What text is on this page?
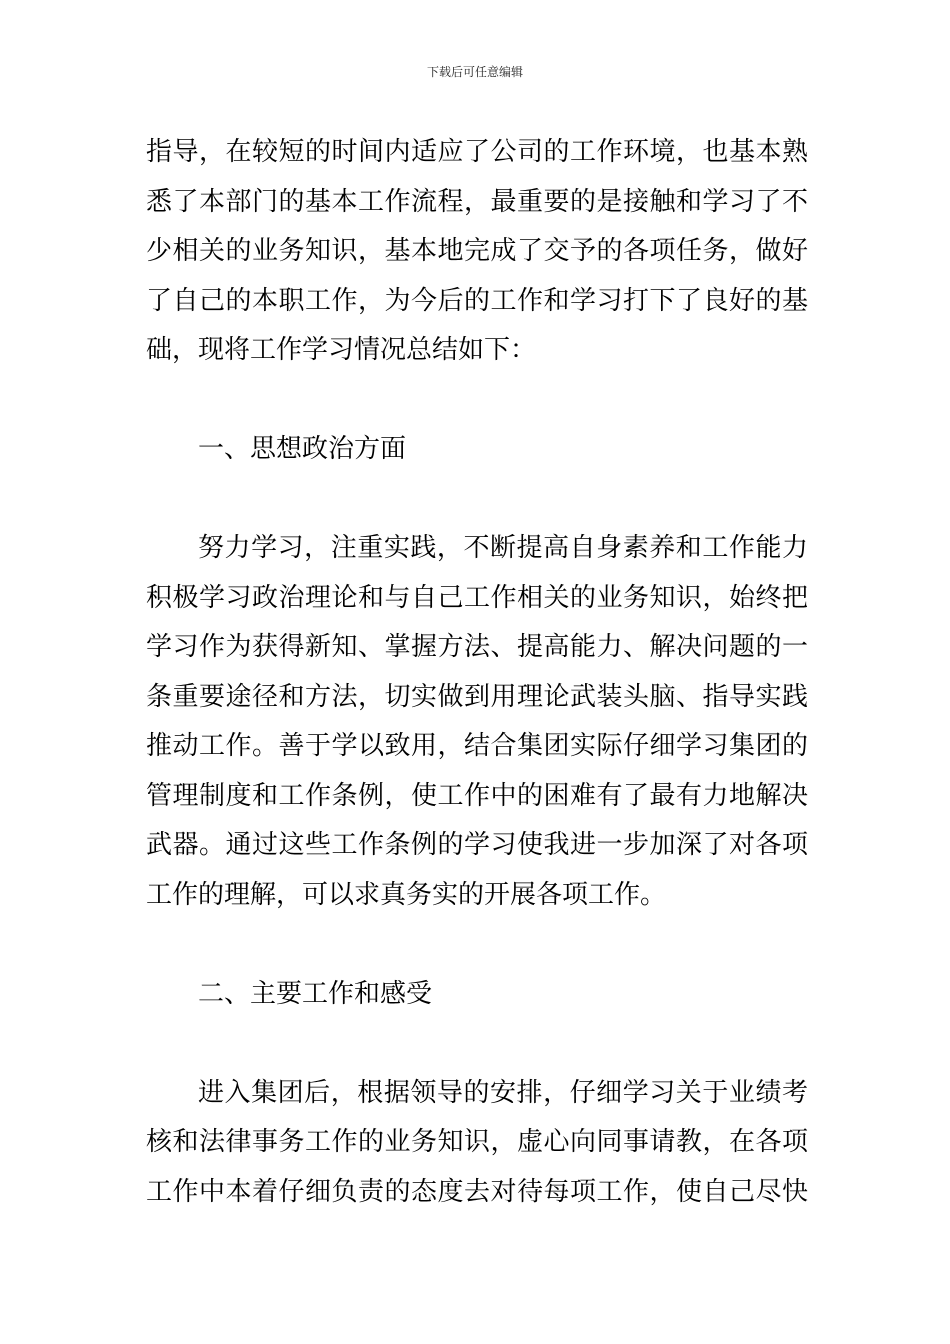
下载后可任意编辑
指导，在较短的时间内适应了公司的工作环境，也基本熟
悉了本部门的基本工作流程，最重要的是接触和学习了不
少相关的业务知识，基本地完成了交予的各项任务，做好
了自己的本职工作，为今后的工作和学习打下了良好的基
础，现将工作学习情况总结如下：
一、思想政治方面
努力学习，注重实践，不断提高自身素养和工作能力
积极学习政治理论和与自己工作相关的业务知识，始终把
学习作为获得新知、掌握方法、提高能力、解决问题的一
条重要途径和方法，切实做到用理论武装头脑、指导实践
推动工作。善于学以致用，结合集团实际仔细学习集团的
管理制度和工作条例，使工作中的困难有了最有力地解决
武器。通过这些工作条例的学习使我进一步加深了对各项
工作的理解，可以求真务实的开展各项工作。
二、主要工作和感受
进入集团后，根据领导的安排，仔细学习关于业绩考
核和法律事务工作的业务知识，虚心向同事请教，在各项
工作中本着仔细负责的态度去对待每项工作，使自己尽快
